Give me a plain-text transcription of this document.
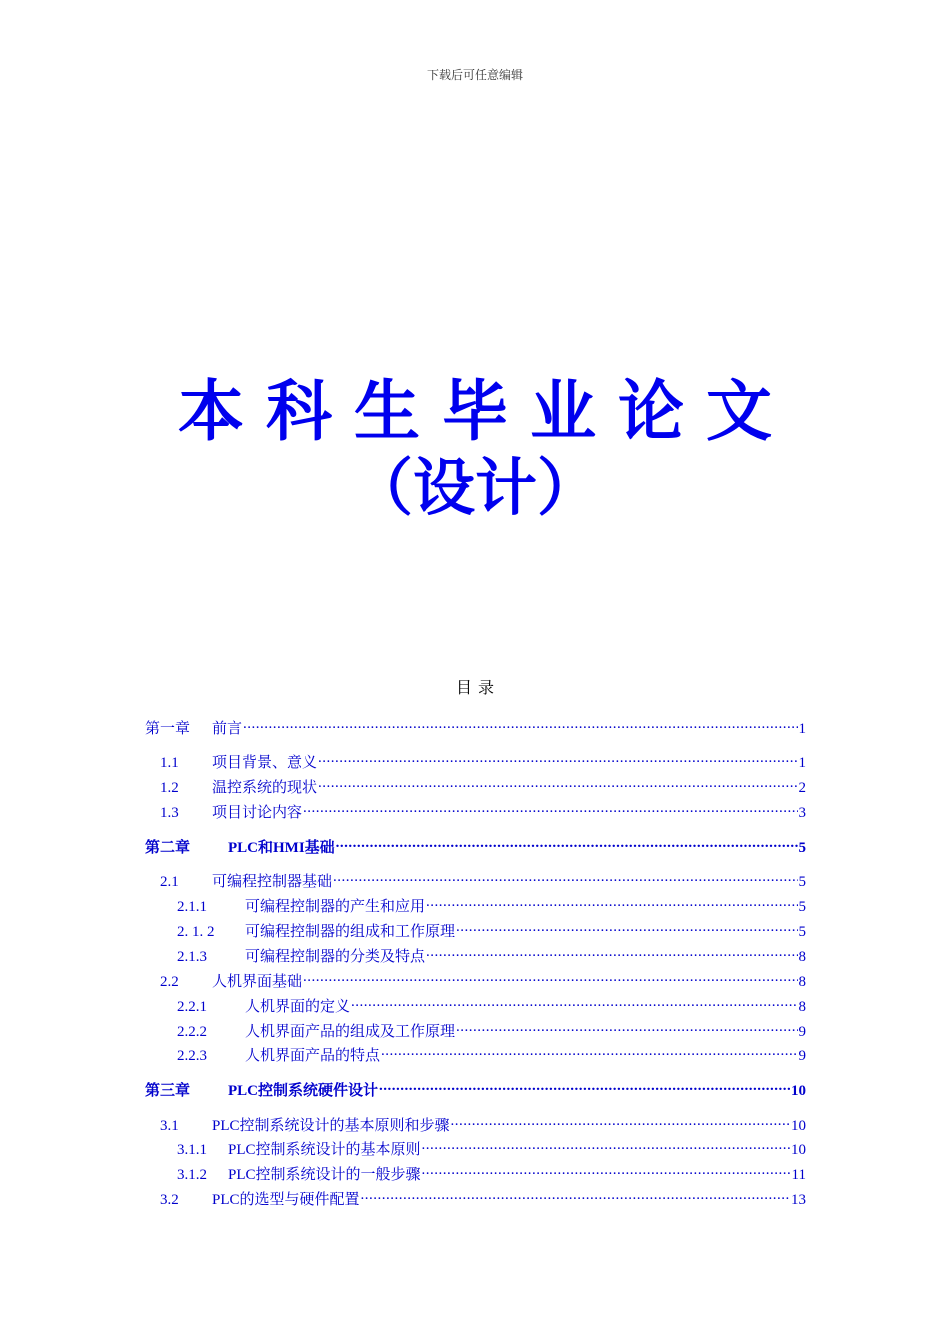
下载后可任意编辑
本科生毕业论文
（设计）
目录
第一章	前言 .....	1
1.1	项目背景、意义 .....	1
1.2	温控系统的现状 .....	2
1.3	项目讨论内容 .....	3
第二章	PLC和HMI基础 .....	5
2.1	可编程控制器基础 .....	5
2.1.1	可编程控制器的产生和应用 .....	5
2. 1. 2	可编程控制器的组成和工作原理 .....	5
2.1.3	可编程控制器的分类及特点 .....	8
2.2	人机界面基础 .....	8
2.2.1	人机界面的定义 .....	8
2.2.2	人机界面产品的组成及工作原理 .....	9
2.2.3	人机界面产品的特点 .....	9
第三章	PLC控制系统硬件设计 .....	10
3.1	PLC控制系统设计的基本原则和步骤 .....	10
3.1.1	PLC控制系统设计的基本原则 .....	10
3.1.2	PLC控制系统设计的一般步骤 .....	11
3.2	PLC的选型与硬件配置 .....	13
